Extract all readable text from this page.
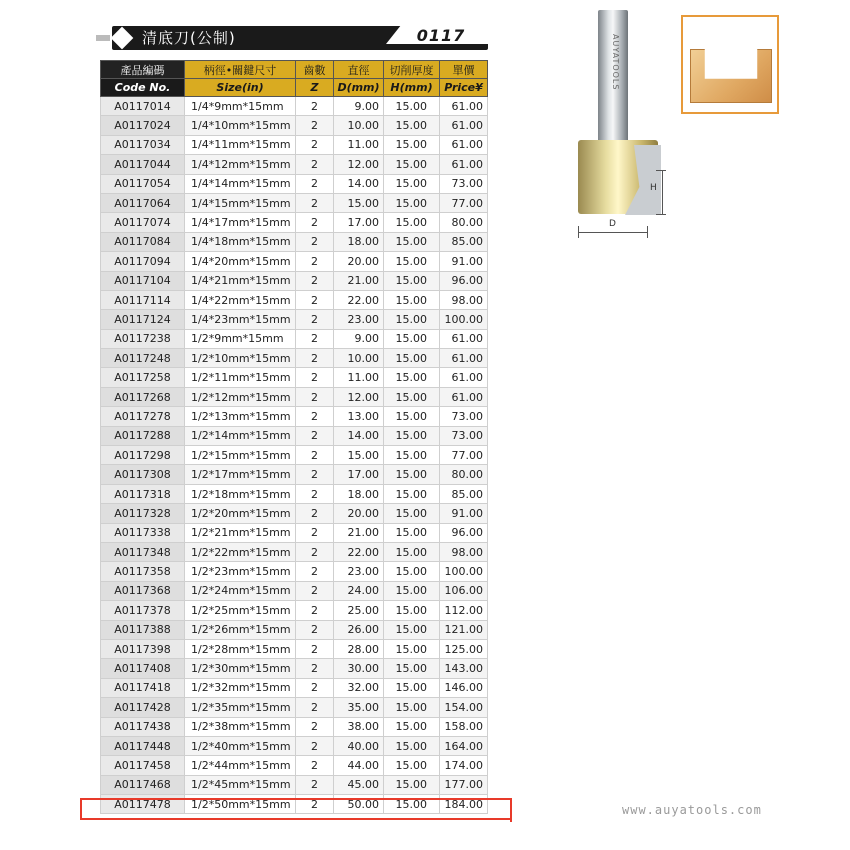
清底刀(公制)	0117
產品編碼	柄徑•關鍵尺寸	齒數	直徑	切削厚度	單價
Code No.	Size(in)	Z	D(mm)	H(mm)	Price¥
A0117014	1/4*9mm*15mm	2	9.00	15.00	61.00
A0117024	1/4*10mm*15mm	2	10.00	15.00	61.00
A0117034	1/4*11mm*15mm	2	11.00	15.00	61.00
A0117044	1/4*12mm*15mm	2	12.00	15.00	61.00
A0117054	1/4*14mm*15mm	2	14.00	15.00	73.00
A0117064	1/4*15mm*15mm	2	15.00	15.00	77.00
A0117074	1/4*17mm*15mm	2	17.00	15.00	80.00
A0117084	1/4*18mm*15mm	2	18.00	15.00	85.00
A0117094	1/4*20mm*15mm	2	20.00	15.00	91.00
A0117104	1/4*21mm*15mm	2	21.00	15.00	96.00
A0117114	1/4*22mm*15mm	2	22.00	15.00	98.00
A0117124	1/4*23mm*15mm	2	23.00	15.00	100.00
A0117238	1/2*9mm*15mm	2	9.00	15.00	61.00
A0117248	1/2*10mm*15mm	2	10.00	15.00	61.00
A0117258	1/2*11mm*15mm	2	11.00	15.00	61.00
A0117268	1/2*12mm*15mm	2	12.00	15.00	61.00
A0117278	1/2*13mm*15mm	2	13.00	15.00	73.00
A0117288	1/2*14mm*15mm	2	14.00	15.00	73.00
A0117298	1/2*15mm*15mm	2	15.00	15.00	77.00
A0117308	1/2*17mm*15mm	2	17.00	15.00	80.00
A0117318	1/2*18mm*15mm	2	18.00	15.00	85.00
A0117328	1/2*20mm*15mm	2	20.00	15.00	91.00
A0117338	1/2*21mm*15mm	2	21.00	15.00	96.00
A0117348	1/2*22mm*15mm	2	22.00	15.00	98.00
A0117358	1/2*23mm*15mm	2	23.00	15.00	100.00
A0117368	1/2*24mm*15mm	2	24.00	15.00	106.00
A0117378	1/2*25mm*15mm	2	25.00	15.00	112.00
A0117388	1/2*26mm*15mm	2	26.00	15.00	121.00
A0117398	1/2*28mm*15mm	2	28.00	15.00	125.00
A0117408	1/2*30mm*15mm	2	30.00	15.00	143.00
A0117418	1/2*32mm*15mm	2	32.00	15.00	146.00
A0117428	1/2*35mm*15mm	2	35.00	15.00	154.00
A0117438	1/2*38mm*15mm	2	38.00	15.00	158.00
A0117448	1/2*40mm*15mm	2	40.00	15.00	164.00
A0117458	1/2*44mm*15mm	2	44.00	15.00	174.00
A0117468	1/2*45mm*15mm	2	45.00	15.00	177.00
A0117478	1/2*50mm*15mm	2	50.00	15.00	184.00
AUYATOOLS
H
D
www.auyatools.com
